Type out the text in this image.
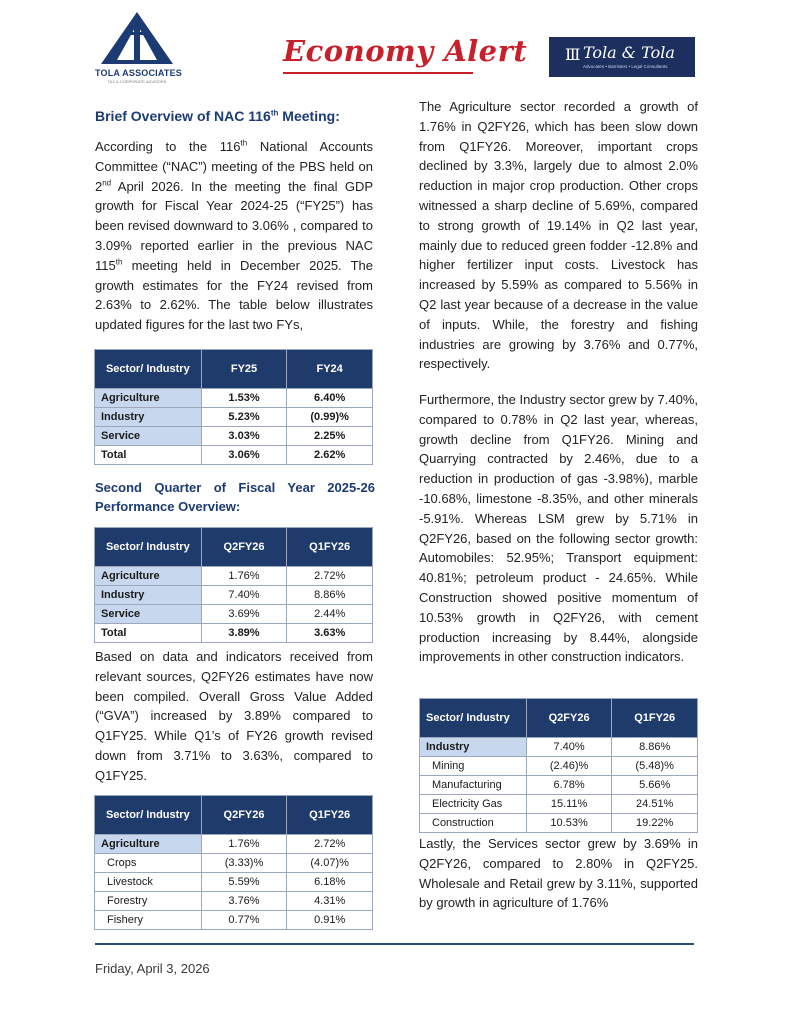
TOLA ASSOCIATES
TAX & CORPORATE ADVISORS
Economy Alert Ⅲ Tola & Tola
Advocates • Barristers • Legal Consultants
Brief Overview of NAC 116th Meeting:
According to the 116th National Accounts Committee (“NAC”) meeting of the PBS held on 2nd April 2026. In the meeting the final GDP growth for Fiscal Year 2024-25 (“FY25”) has been revised downward to 3.06% , compared to 3.09% reported earlier in the previous NAC 115th meeting held in December 2025. The growth estimates for the FY24 revised from 2.63% to 2.62%. The table below illustrates updated figures for the last two FYs,
Sector/ Industry	FY25	FY24
Agriculture	1.53%	6.40%
Industry	5.23%	(0.99)%
Service	3.03%	2.25%
Total	3.06%	2.62%
Second Quarter of Fiscal Year 2025-26 Performance Overview:
Sector/ Industry	Q2FY26	Q1FY26
Agriculture	1.76%	2.72%
Industry	7.40%	8.86%
Service	3.69%	2.44%
Total	3.89%	3.63%
Based on data and indicators received from relevant sources, Q2FY26 estimates have now been compiled. Overall Gross Value Added (“GVA”) increased by 3.89% compared to Q1FY25. While Q1’s of FY26 growth revised down from 3.71% to 3.63%, compared to Q1FY25.
Sector/ Industry	Q2FY26	Q1FY26
Agriculture	1.76%	2.72%
Crops	(3.33)%	(4.07)%
Livestock	5.59%	6.18%
Forestry	3.76%	4.31%
Fishery	0.77%	0.91%
The Agriculture sector recorded a growth of 1.76% in Q2FY26, which has been slow down from Q1FY26. Moreover, important crops declined by 3.3%, largely due to almost 2.0% reduction in major crop production. Other crops witnessed a sharp decline of 5.69%, compared to strong growth of 19.14% in Q2 last year, mainly due to reduced green fodder -12.8% and higher fertilizer input costs. Livestock has increased by 5.59% as compared to 5.56% in Q2 last year because of a decrease in the value of inputs. While, the forestry and fishing industries are growing by 3.76% and 0.77%, respectively.
Furthermore, the Industry sector grew by 7.40%, compared to 0.78% in Q2 last year, whereas, growth decline from Q1FY26. Mining and Quarrying contracted by 2.46%, due to a reduction in production of gas -3.98%), marble -10.68%, limestone -8.35%, and other minerals -5.91%. Whereas LSM grew by 5.71% in Q2FY26, based on the following sector growth: Automobiles: 52.95%; Transport equipment: 40.81%; petroleum product - 24.65%. While Construction showed positive momentum of 10.53% growth in Q2FY26, with cement production increasing by 8.44%, alongside improvements in other construction indicators.
Sector/ Industry	Q2FY26	Q1FY26
Industry	7.40%	8.86%
Mining	(2.46)%	(5.48)%
Manufacturing	6.78%	5.66%
Electricity Gas	15.11%	24.51%
Construction	10.53%	19.22%
Lastly, the Services sector grew by 3.69% in Q2FY26, compared to 2.80% in Q2FY25. Wholesale and Retail grew by 3.11%, supported by growth in agriculture of 1.76%
Friday, April 3, 2026
